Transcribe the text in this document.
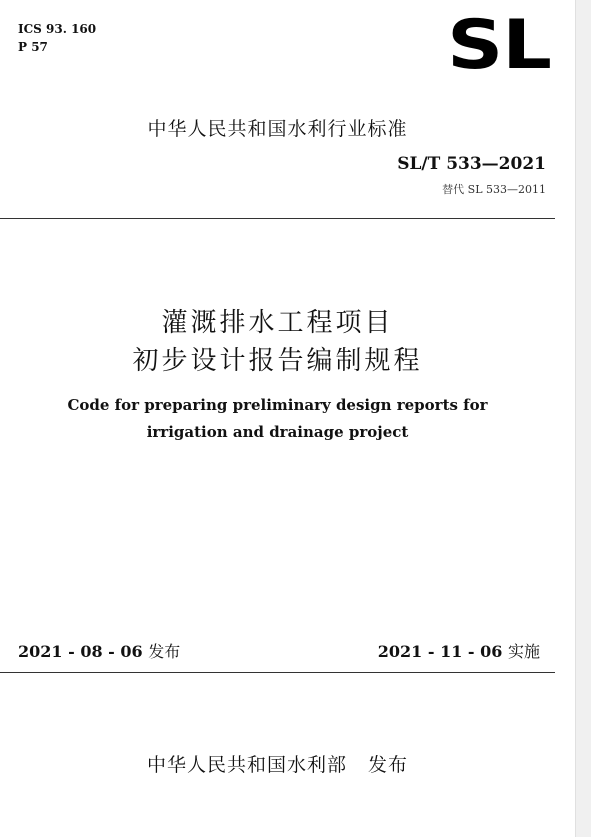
ICS 93. 160
P 57	SL
中华人民共和国水利行业标准
SL/T 533—2021
替代 SL 533—2011
灌溉排水工程项目
初步设计报告编制规程
Code for preparing preliminary design reports for
irrigation and drainage project
2021 - 08 - 06 发布	2021 - 11 - 06 实施
中华人民共和国水利部   发布
